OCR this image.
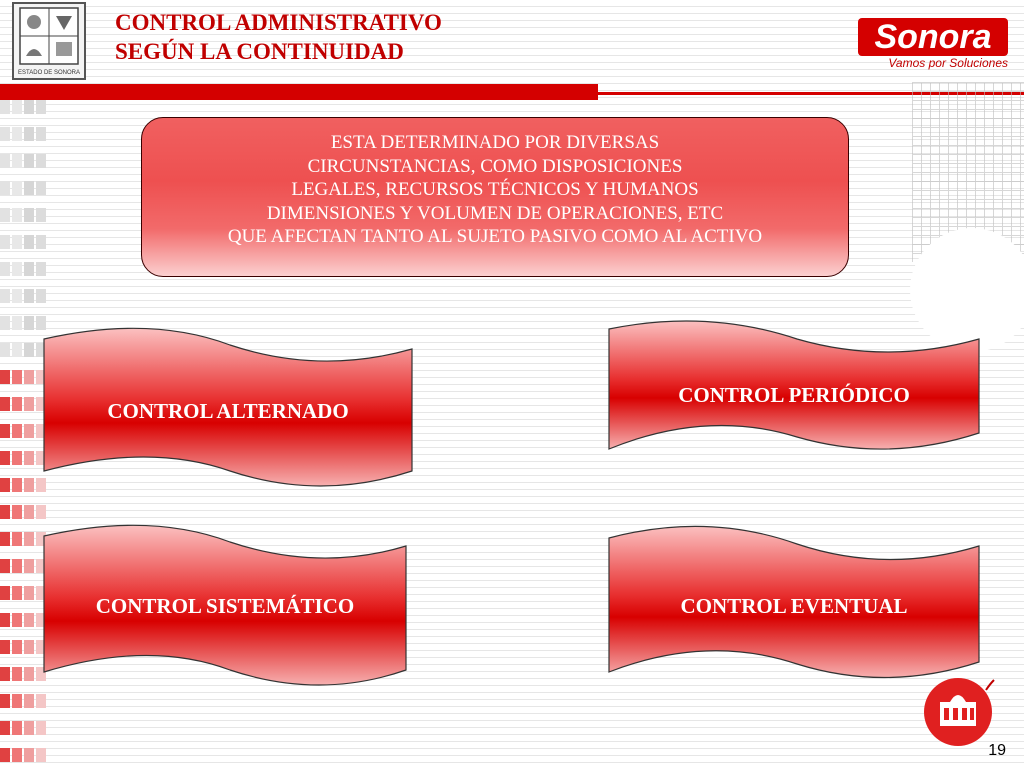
ESTADO DE SONORA
CONTROL ADMINISTRATIVO
SEGÚN LA CONTINUIDAD	Sonora
Vamos por Soluciones
ESTA DETERMINADO POR DIVERSAS
CIRCUNSTANCIAS, COMO DISPOSICIONES
LEGALES, RECURSOS TÉCNICOS Y HUMANOS
DIMENSIONES Y VOLUMEN DE OPERACIONES, ETC
QUE AFECTAN TANTO AL SUJETO PASIVO COMO AL ACTIVO
CONTROL ALTERNADO
CONTROL PERIÓDICO
CONTROL SISTEMÁTICO	CONTROL EVENTUAL
19
